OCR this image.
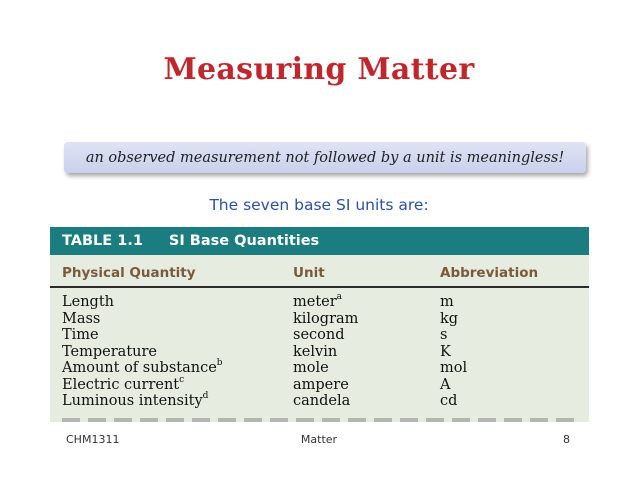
Measuring Matter
an observed measurement not followed by a unit is meaningless!
The seven base SI units are:
TABLE 1.1 SI Base Quantities
Physical Quantity	Unit	Abbreviation
Length	meter$^a$	m
Mass	kilogram	kg
Time	second	s
Temperature	kelvin	K
Amount of substance$^b$	mole	mol
Electric current$^c$	ampere	A
Luminous intensity$^d$	candela	cd
CHM1311	Matter	8
